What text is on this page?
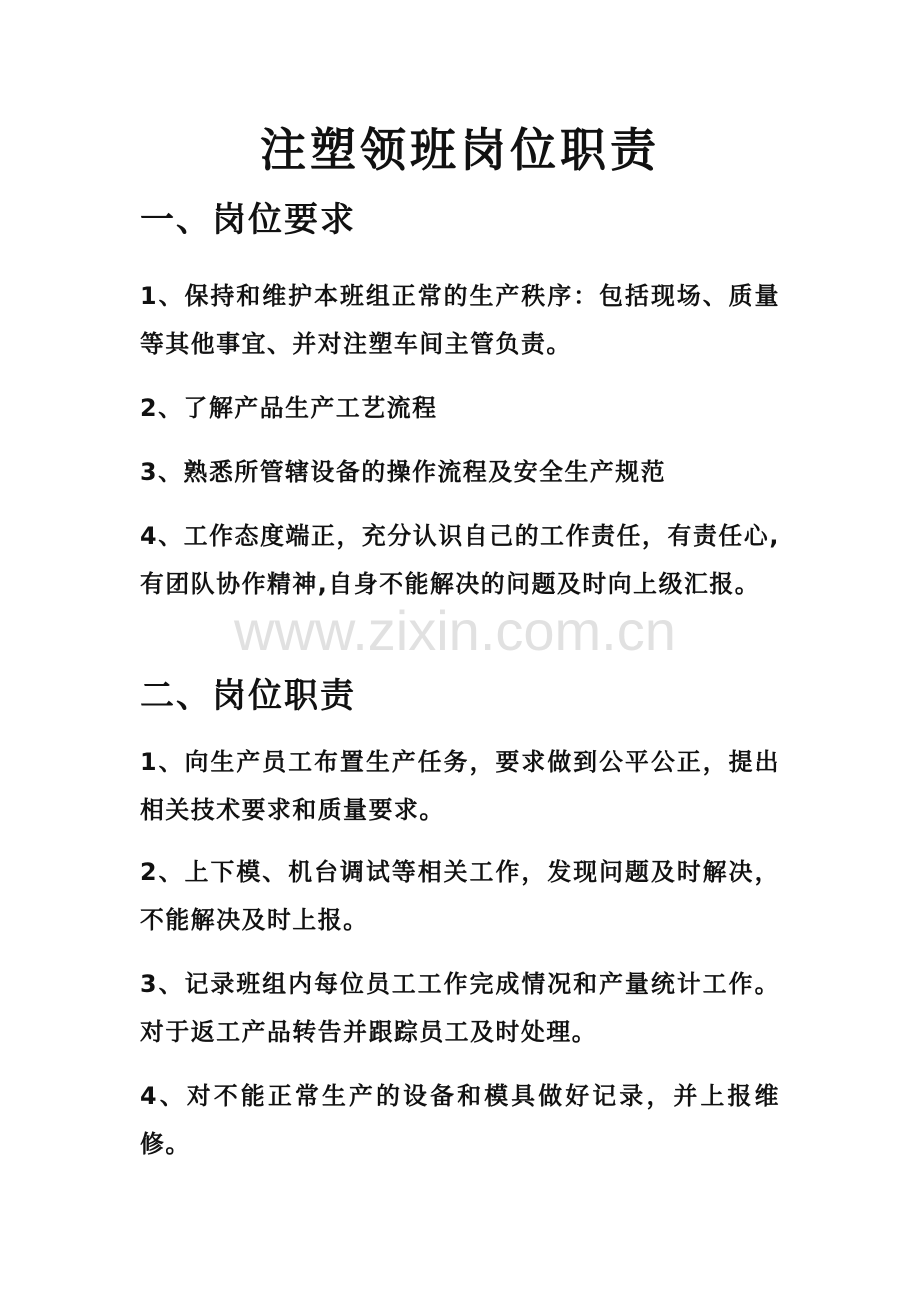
注塑领班岗位职责
一、岗位要求
1、保持和维护本班组正常的生产秩序：包括现场、质量等其他事宜、并对注塑车间主管负责。
2、了解产品生产工艺流程
3、熟悉所管辖设备的操作流程及安全生产规范
4、工作态度端正，充分认识自己的工作责任，有责任心,有团队协作精神,自身不能解决的问题及时向上级汇报。
二、岗位职责
1、向生产员工布置生产任务，要求做到公平公正，提出相关技术要求和质量要求。
2、上下模、机台调试等相关工作，发现问题及时解决，不能解决及时上报。
3、记录班组内每位员工工作完成情况和产量统计工作。对于返工产品转告并跟踪员工及时处理。
4、对不能正常生产的设备和模具做好记录，并上报维修。
www.zixin.com.cn
